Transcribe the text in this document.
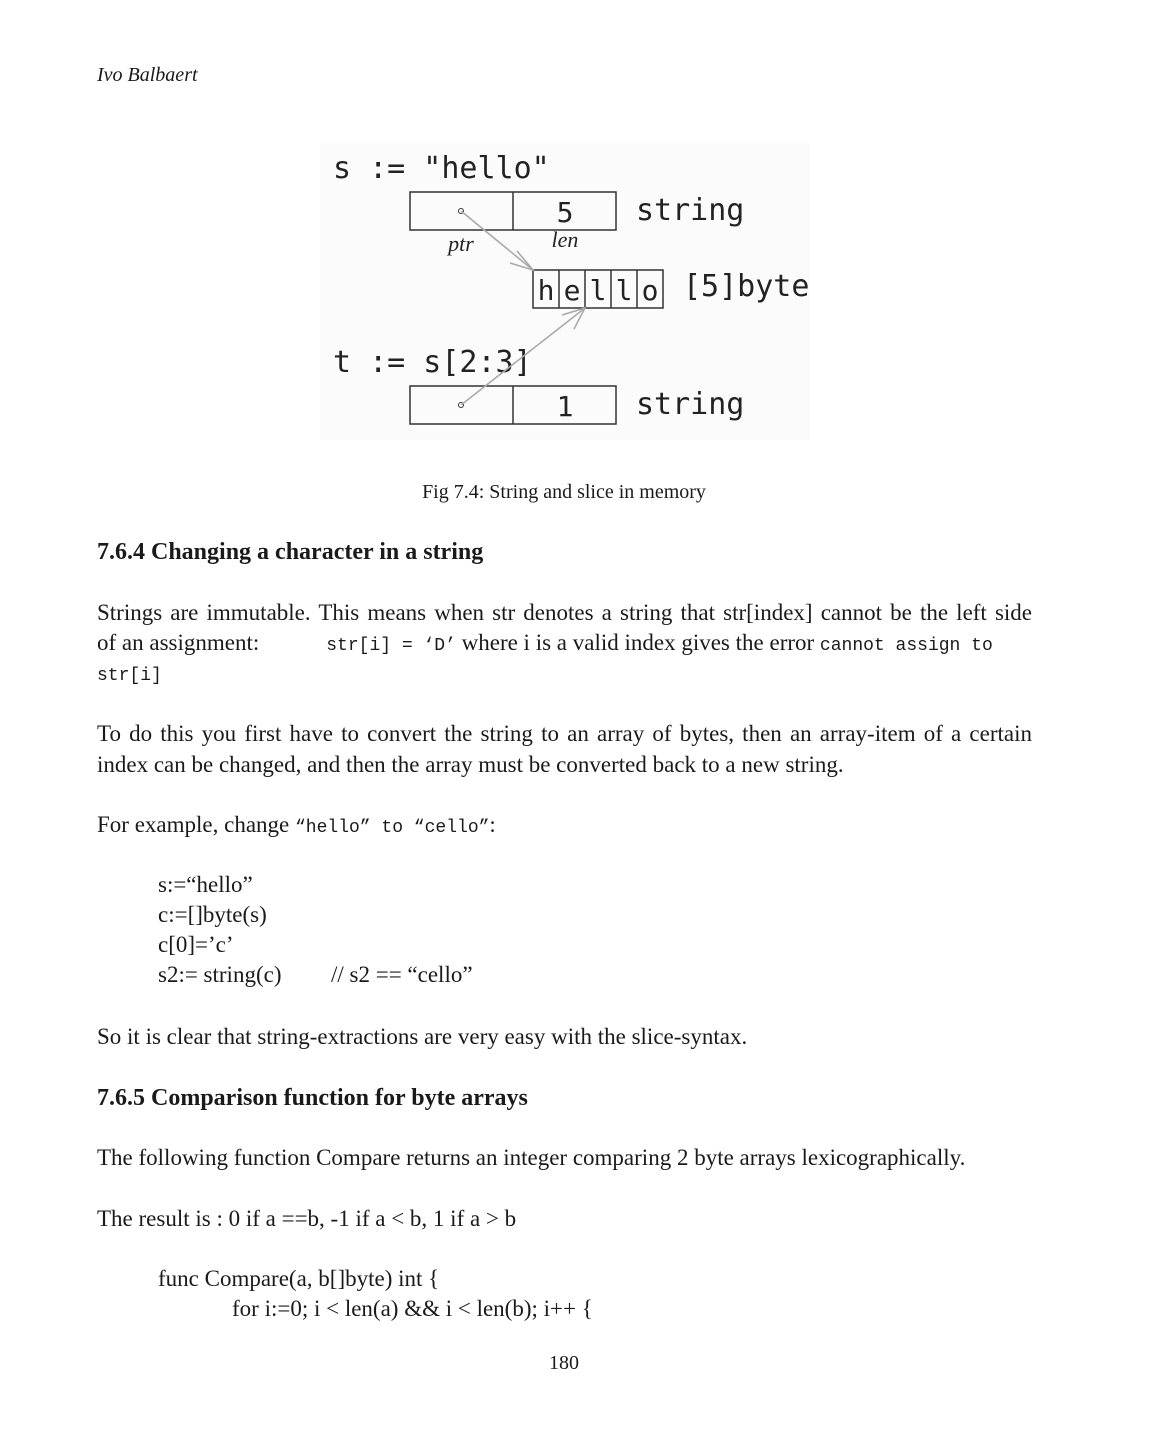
Ivo Balbaert
s := "hello"
5 string
ptr	len
h e l l o [5]byte
t := s[2:3]
1 string
Fig 7.4: String and slice in memory
7.6.4 Changing a character in a string
Strings are immutable. This means when str denotes a string that str[index] cannot be the left side
of an assignment:	str[i] = ‘D’ where i is a valid index gives the error cannot assign to
str[i]
To do this you first have to convert the string to an array of bytes, then an array-item of a certain
index can be changed, and then the array must be converted back to a new string.
For example, change “hello” to “cello”:
s:=“hello”
c:=[]byte(s)
c[0]=’c’
s2:= string(c) // s2 == “cello”
So it is clear that string-extractions are very easy with the slice-syntax.
7.6.5 Comparison function for byte arrays
The following function Compare returns an integer comparing 2 byte arrays lexicographically.
The result is : 0 if a ==b, -1 if a < b, 1 if a > b
func Compare(a, b[]byte) int {
for i:=0; i < len(a) && i < len(b); i++ {
180
